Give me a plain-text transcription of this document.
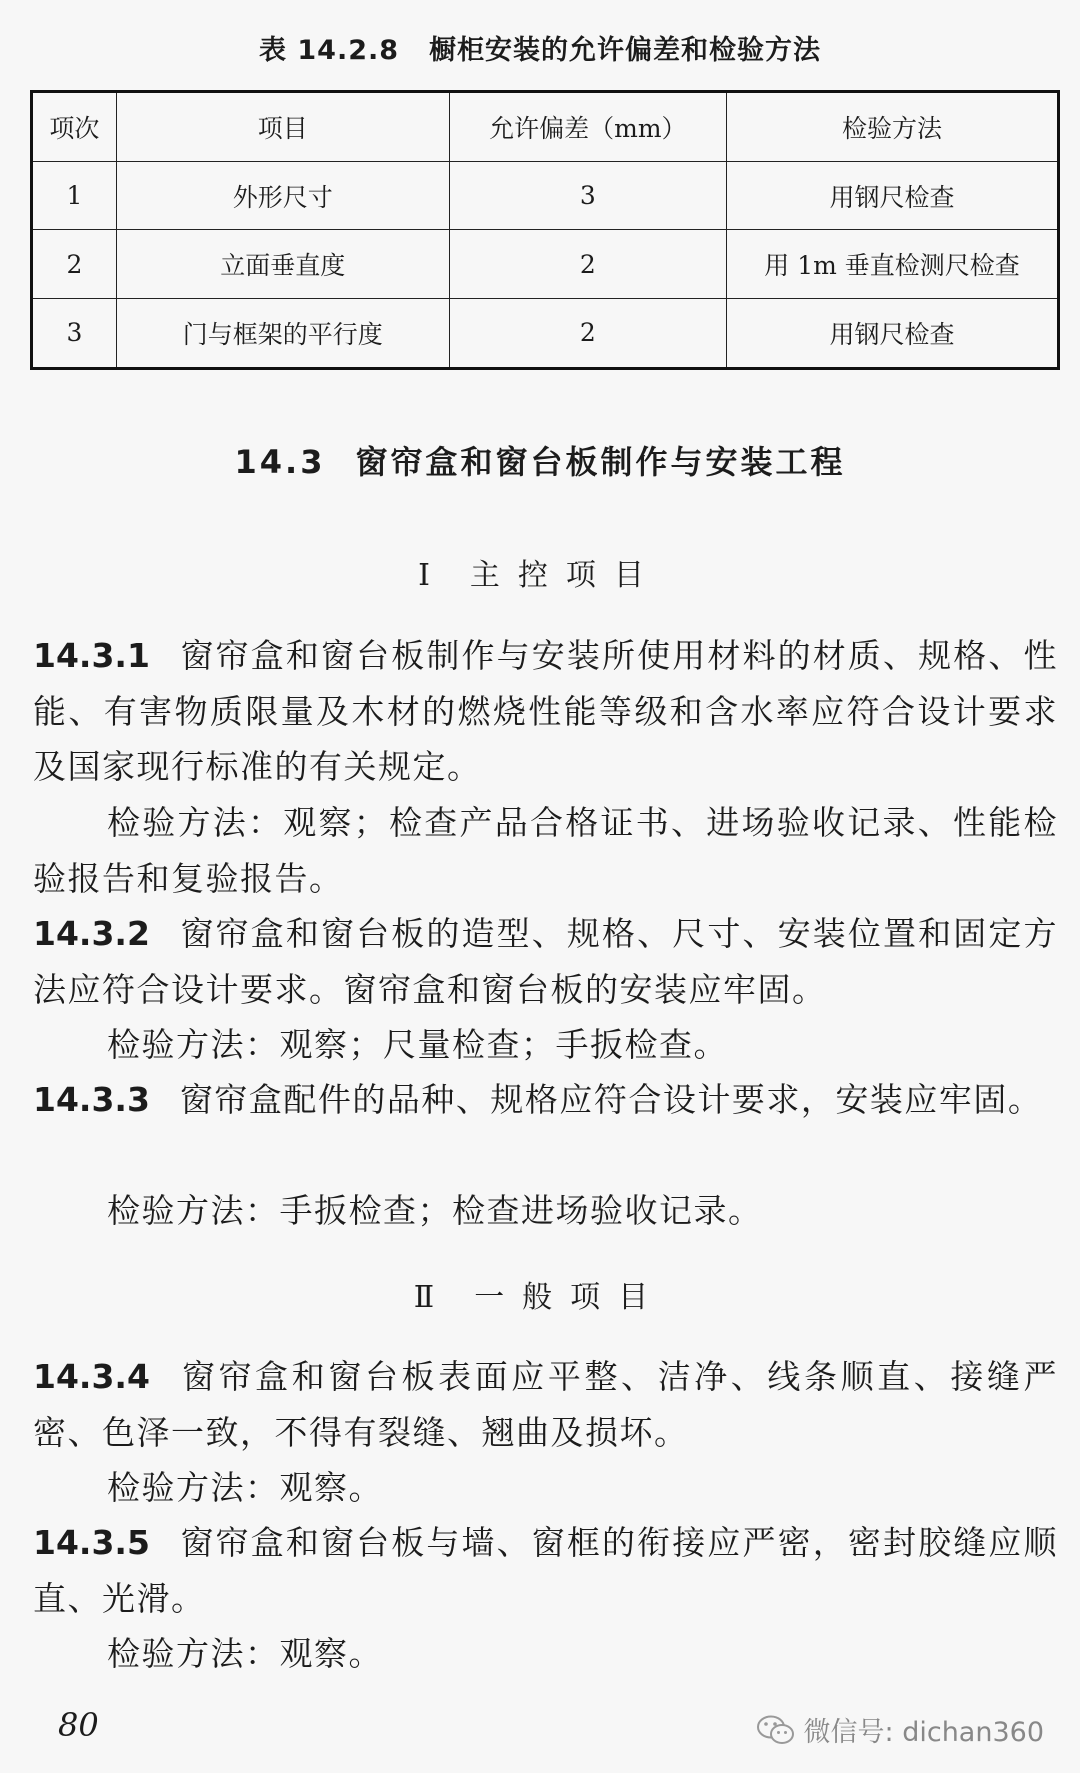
表 14.2.8 橱柜安装的允许偏差和检验方法
项次	项目	允许偏差（mm）	检验方法
1	外形尺寸	3	用钢尺检查
2	立面垂直度	2	用 1m 垂直检测尺检查
3	门与框架的平行度	2	用钢尺检查
14.3 窗帘盒和窗台板制作与安装工程
Ⅰ 主控项目
14.3.1 窗帘盒和窗台板制作与安装所使用材料的材质、规格、性能、有害物质限量及木材的燃烧性能等级和含水率应符合设计要求及国家现行标准的有关规定。
检验方法：观察；检查产品合格证书、进场验收记录、性能检验报告和复验报告。
14.3.2 窗帘盒和窗台板的造型、规格、尺寸、安装位置和固定方法应符合设计要求。窗帘盒和窗台板的安装应牢固。
检验方法：观察；尺量检查；手扳检查。
14.3.3 窗帘盒配件的品种、规格应符合设计要求，安装应牢固。
检验方法：手扳检查；检查进场验收记录。
Ⅱ 一般项目
14.3.4 窗帘盒和窗台板表面应平整、洁净、线条顺直、接缝严密、色泽一致，不得有裂缝、翘曲及损坏。
检验方法：观察。
14.3.5 窗帘盒和窗台板与墙、窗框的衔接应严密，密封胶缝应顺直、光滑。
检验方法：观察。
80	微信号: dichan360
